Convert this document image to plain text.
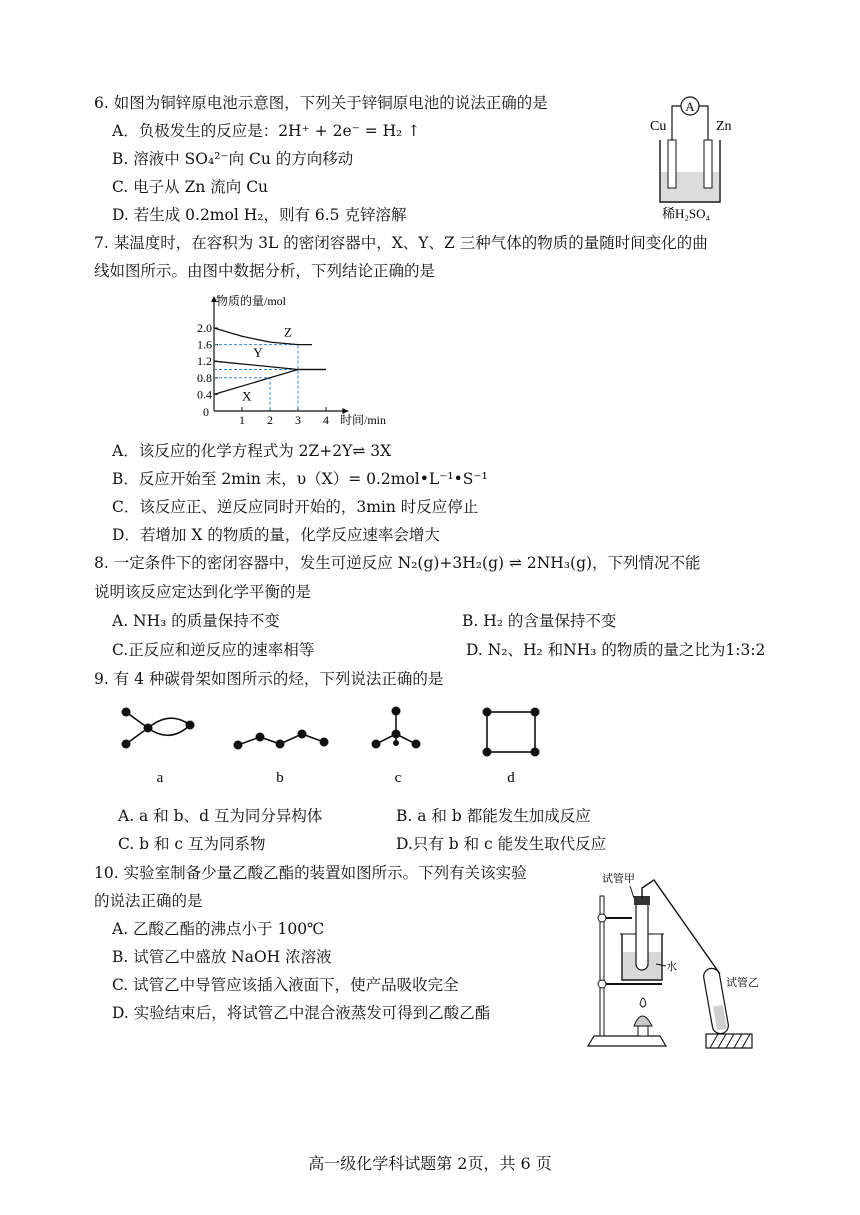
6. 如图为铜锌原电池示意图，下列关于锌铜原电池的说法正确的是
A．负极发生的反应是：2H⁺ + 2e⁻ = H₂ ↑
B. 溶液中 SO₄²⁻向 Cu 的方向移动
C. 电子从 Zn 流向 Cu
D. 若生成 0.2mol H₂，则有 6.5 克锌溶解
A
Cu	Zn
稀H₂SO₄
7. 某温度时，在容积为 3L 的密闭容器中，X、Y、Z 三种气体的物质的量随时间变化的曲
线如图所示。由图中数据分析，下列结论正确的是
物质的量/mol
时间/min
0
1 2 3 4
0.4
0.8
1.2
1.6
2.0	Z
Y
X
A．该反应的化学方程式为 2Z+2Y⇌ 3X
B．反应开始至 2min 末，υ（X）= 0.2mol•L⁻¹•S⁻¹
C．该反应正、逆反应同时开始的，3min 时反应停止
D．若增加 X 的物质的量，化学反应速率会增大
8. 一定条件下的密闭容器中，发生可逆反应 N₂(g)+3H₂(g) ⇌ 2NH₃(g)，下列情况不能
说明该反应定达到化学平衡的是
A. NH₃ 的质量保持不变	B. H₂ 的含量保持不变
C.正反应和逆反应的速率相等	D. N₂、H₂ 和NH₃ 的物质的量之比为1:3:2
9. 有 4 种碳骨架如图所示的烃，下列说法正确的是
a	b	c	d
A. a 和 b、d 互为同分异构体	B. a 和 b 都能发生加成反应
C. b 和 c 互为同系物	D.只有 b 和 c 能发生取代反应
10. 实验室制备少量乙酸乙酯的装置如图所示。下列有关该实验
的说法正确的是
A. 乙酸乙酯的沸点小于 100℃
B. 试管乙中盛放 NaOH 浓溶液
C. 试管乙中导管应该插入液面下，使产品吸收完全
D. 实验结束后，将试管乙中混合液蒸发可得到乙酸乙酯
试管甲
水
试管乙
高一级化学科试题第 2页，共 6 页
